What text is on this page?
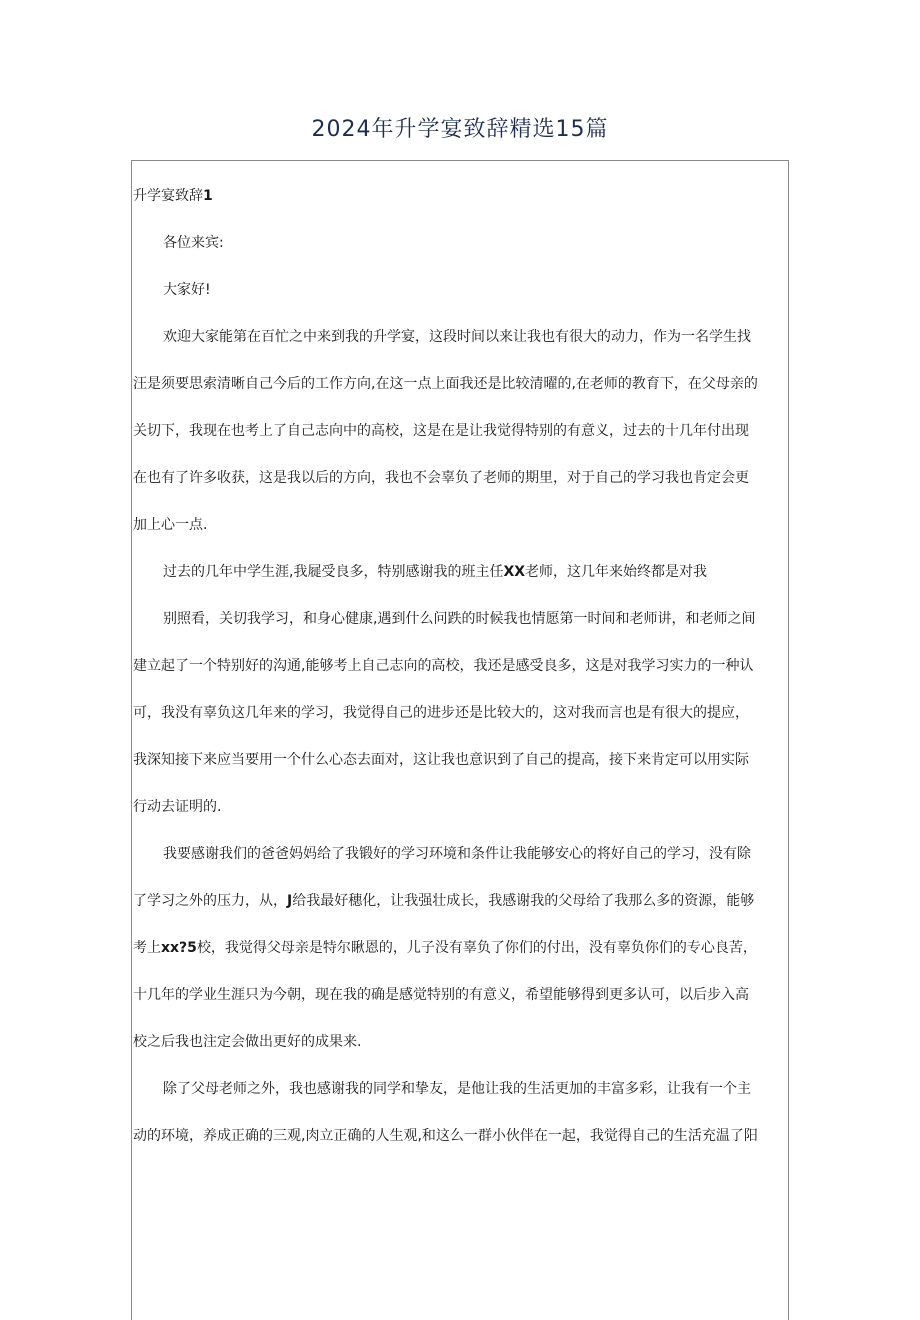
2024年升学宴致辞精选15篇
升学宴致辞1
各位来宾:
大家好!
欢迎大家能第在百忙之中来到我的升学宴，这段时间以来让我也有很大的动力，作为一名学生找
汪是须要思索清晰自己今后的工作方向,在这一点上面我还是比较清曜的,在老师的教育下，在父母亲的
关切下，我现在也考上了自己志向中的高校，这是在是让我觉得特别的有意义，过去的十几年付出现
在也有了许多收获，这是我以后的方向，我也不会辜负了老师的期里，对于自己的学习我也肯定会更
加上心一点.
过去的几年中学生涯,我屣受良多，特别感谢我的班主任XX老师，这几年来始终都是对我
别照看，关切我学习，和身心健康,遇到什么问跌的时候我也情愿第一时间和老师讲，和老师之间
建立起了一个特别好的沟通,能够考上自己志向的高校，我还是感受良多，这是对我学习实力的一种认
可，我没有辜负这几年来的学习，我觉得自己的进步还是比较大的，这对我而言也是有很大的提应，
我深知接下来应当要用一个什么心态去面对，这让我也意识到了自己的提高，接下来肯定可以用实际
行动去证明的.
我要感谢我们的爸爸妈妈给了我锻好的学习环境和条件让我能够安心的将好自己的学习，没有除
了学习之外的压力，从，J给我最好穗化，让我强壮成长，我感谢我的父母给了我那么多的资源，能够
考上xx?5校，我觉得父母亲是特尔瞅恩的，儿子没有辜负了你们的付出，没有辜负你们的专心良苦，
十几年的学业生涯只为今朝，现在我的确是感觉特别的有意义，希望能够得到更多认可，以后步入高
校之后我也注定会做出更好的成果来.
除了父母老师之外，我也感谢我的同学和挚友，是他让我的生活更加的丰富多彩，让我有一个主
动的环境，养成正确的三观,肉立正确的人生观,和这么一群小伙伴在一起，我觉得自己的生活充温了阳
